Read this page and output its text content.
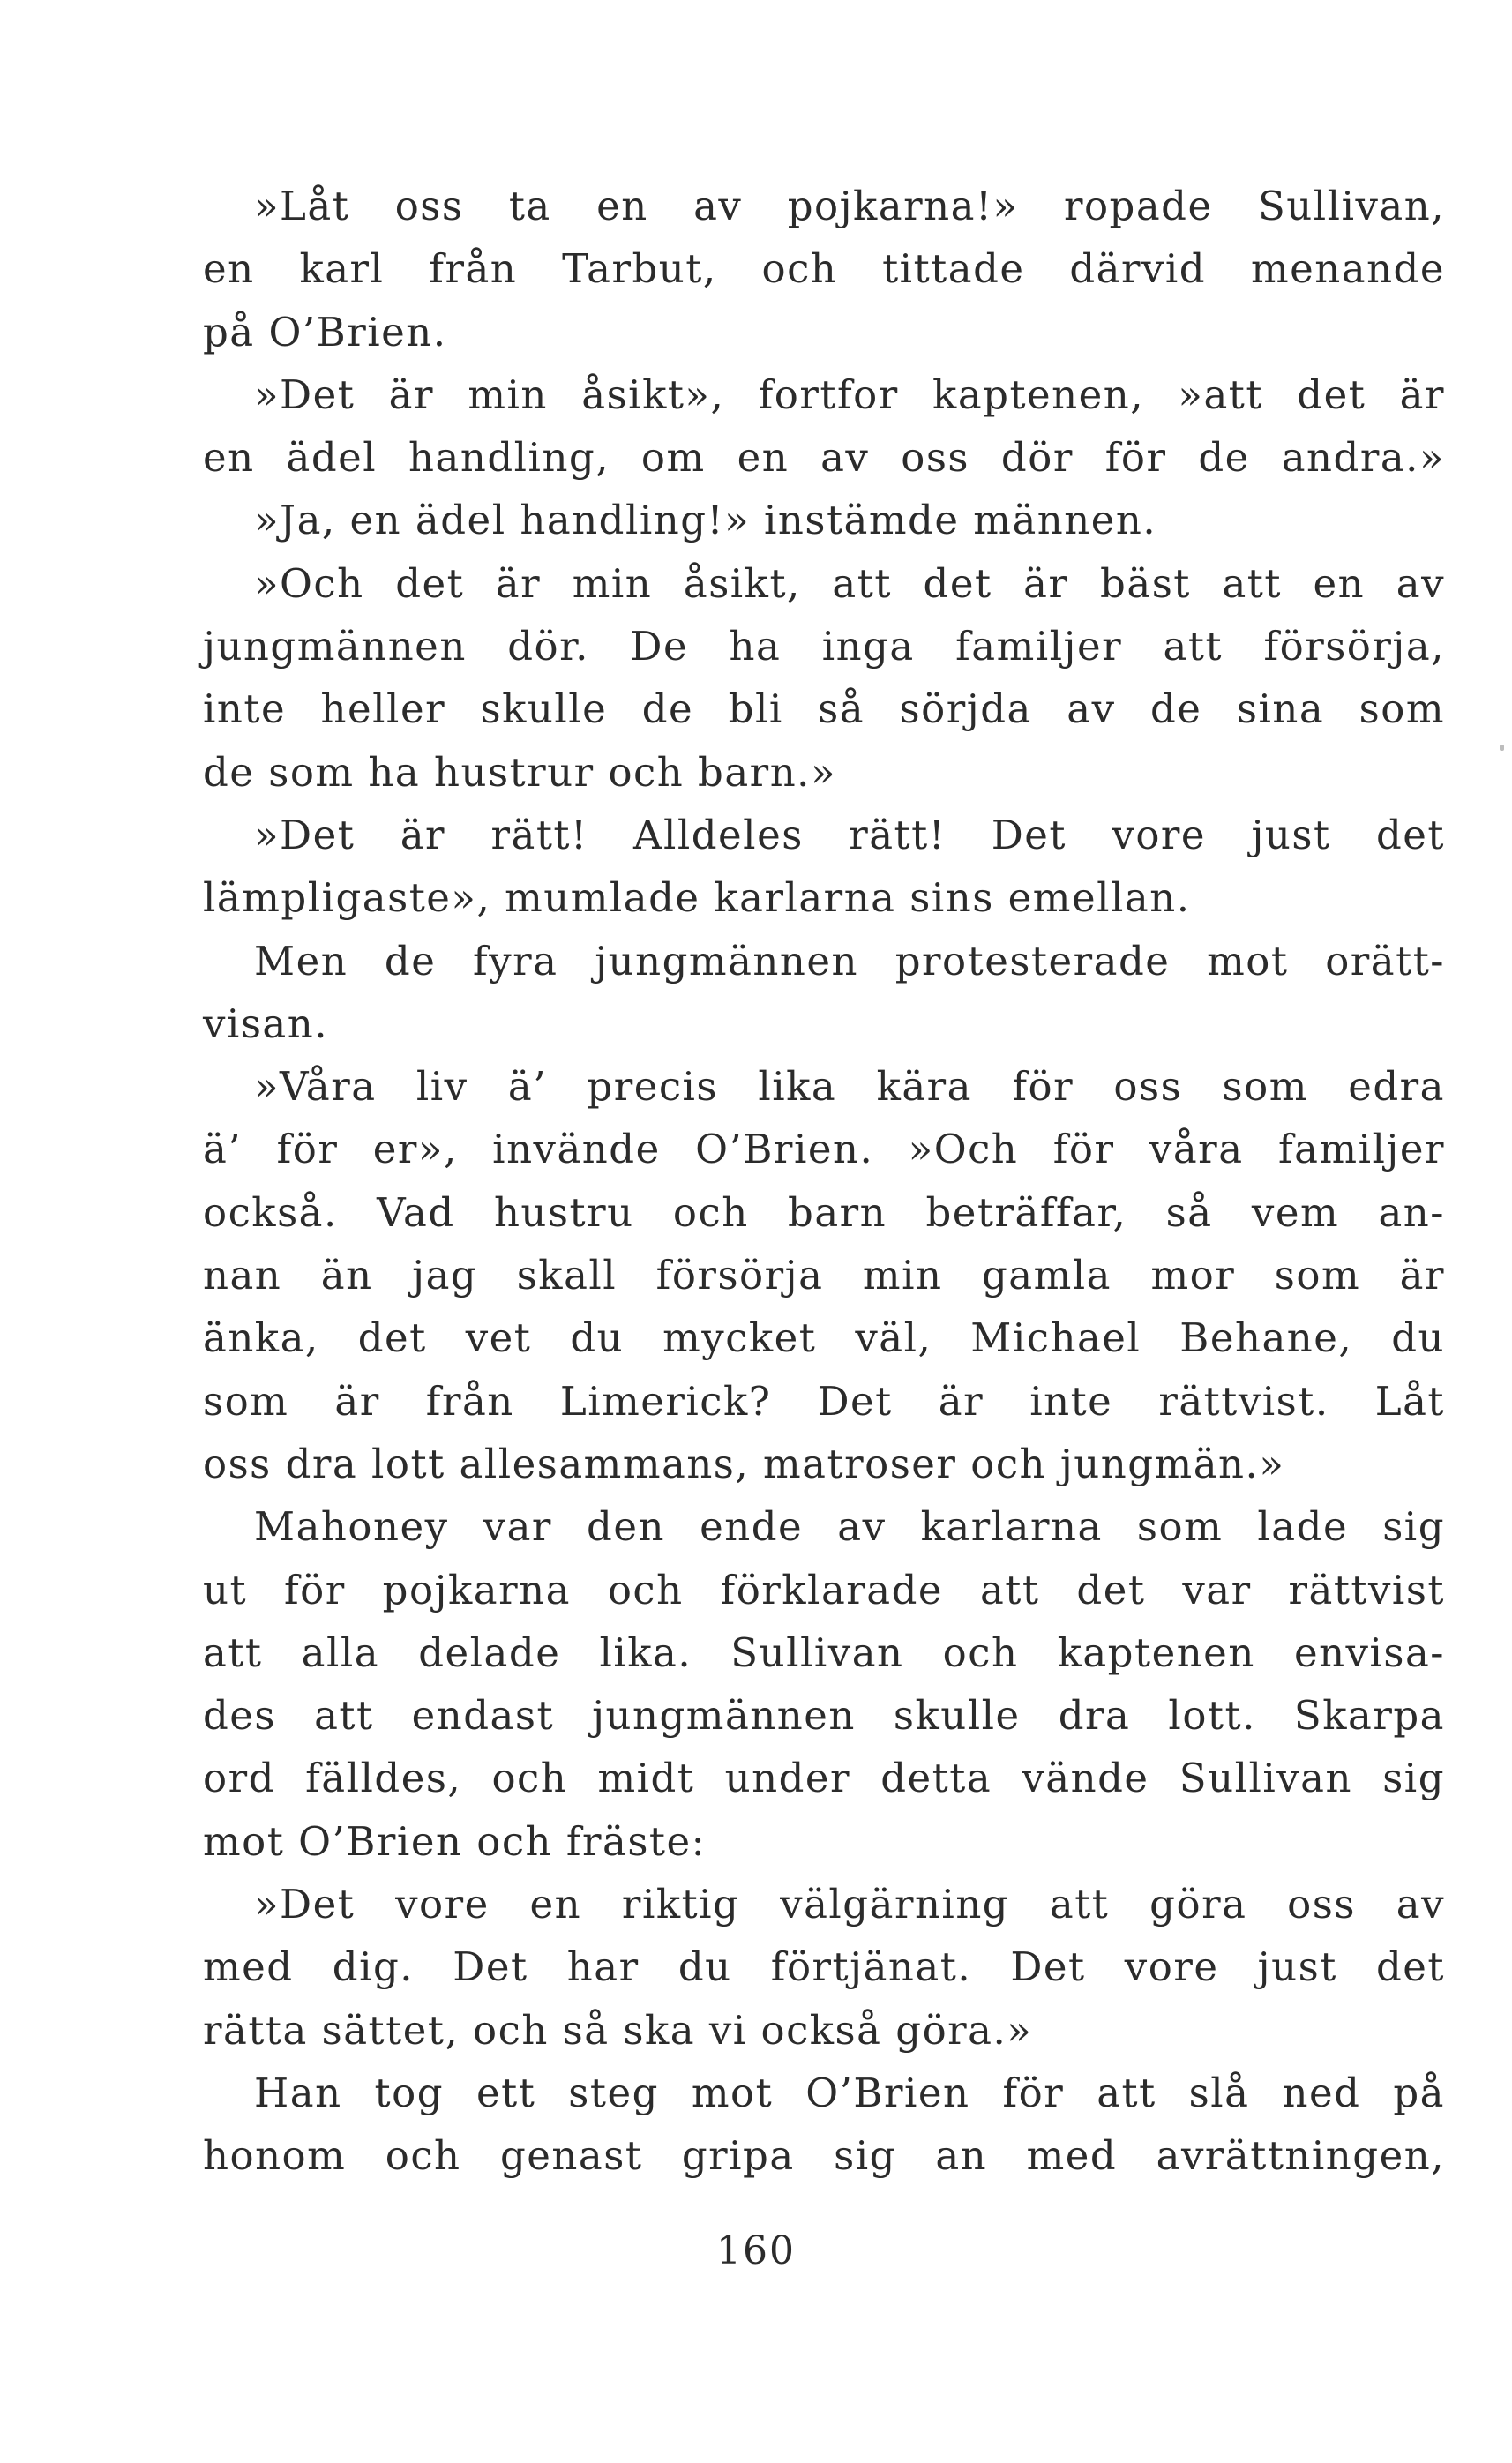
»Låt oss ta en av pojkarna!» ropade Sullivan,
en karl från Tarbut, och tittade därvid menande
på O’Brien.
»Det är min åsikt», fortfor kaptenen, »att det är
en ädel handling, om en av oss dör för de andra.»
»Ja, en ädel handling!» instämde männen.
»Och det är min åsikt, att det är bäst att en av
jungmännen dör. De ha inga familjer att försörja,
inte heller skulle de bli så sörjda av de sina som
de som ha hustrur och barn.»
»Det är rätt! Alldeles rätt! Det vore just det
lämpligaste», mumlade karlarna sins emellan.
Men de fyra jungmännen protesterade mot orätt-
visan.
»Våra liv ä’ precis lika kära för oss som edra
ä’ för er», invände O’Brien. »Och för våra familjer
också. Vad hustru och barn beträffar, så vem an-
nan än jag skall försörja min gamla mor som är
änka, det vet du mycket väl, Michael Behane, du
som är från Limerick? Det är inte rättvist. Låt
oss dra lott allesammans, matroser och jungmän.»
Mahoney var den ende av karlarna som lade sig
ut för pojkarna och förklarade att det var rättvist
att alla delade lika. Sullivan och kaptenen envisa-
des att endast jungmännen skulle dra lott. Skarpa
ord fälldes, och midt under detta vände Sullivan sig
mot O’Brien och fräste:
»Det vore en riktig välgärning att göra oss av
med dig. Det har du förtjänat. Det vore just det
rätta sättet, och så ska vi också göra.»
Han tog ett steg mot O’Brien för att slå ned på
honom och genast gripa sig an med avrättningen,
160
